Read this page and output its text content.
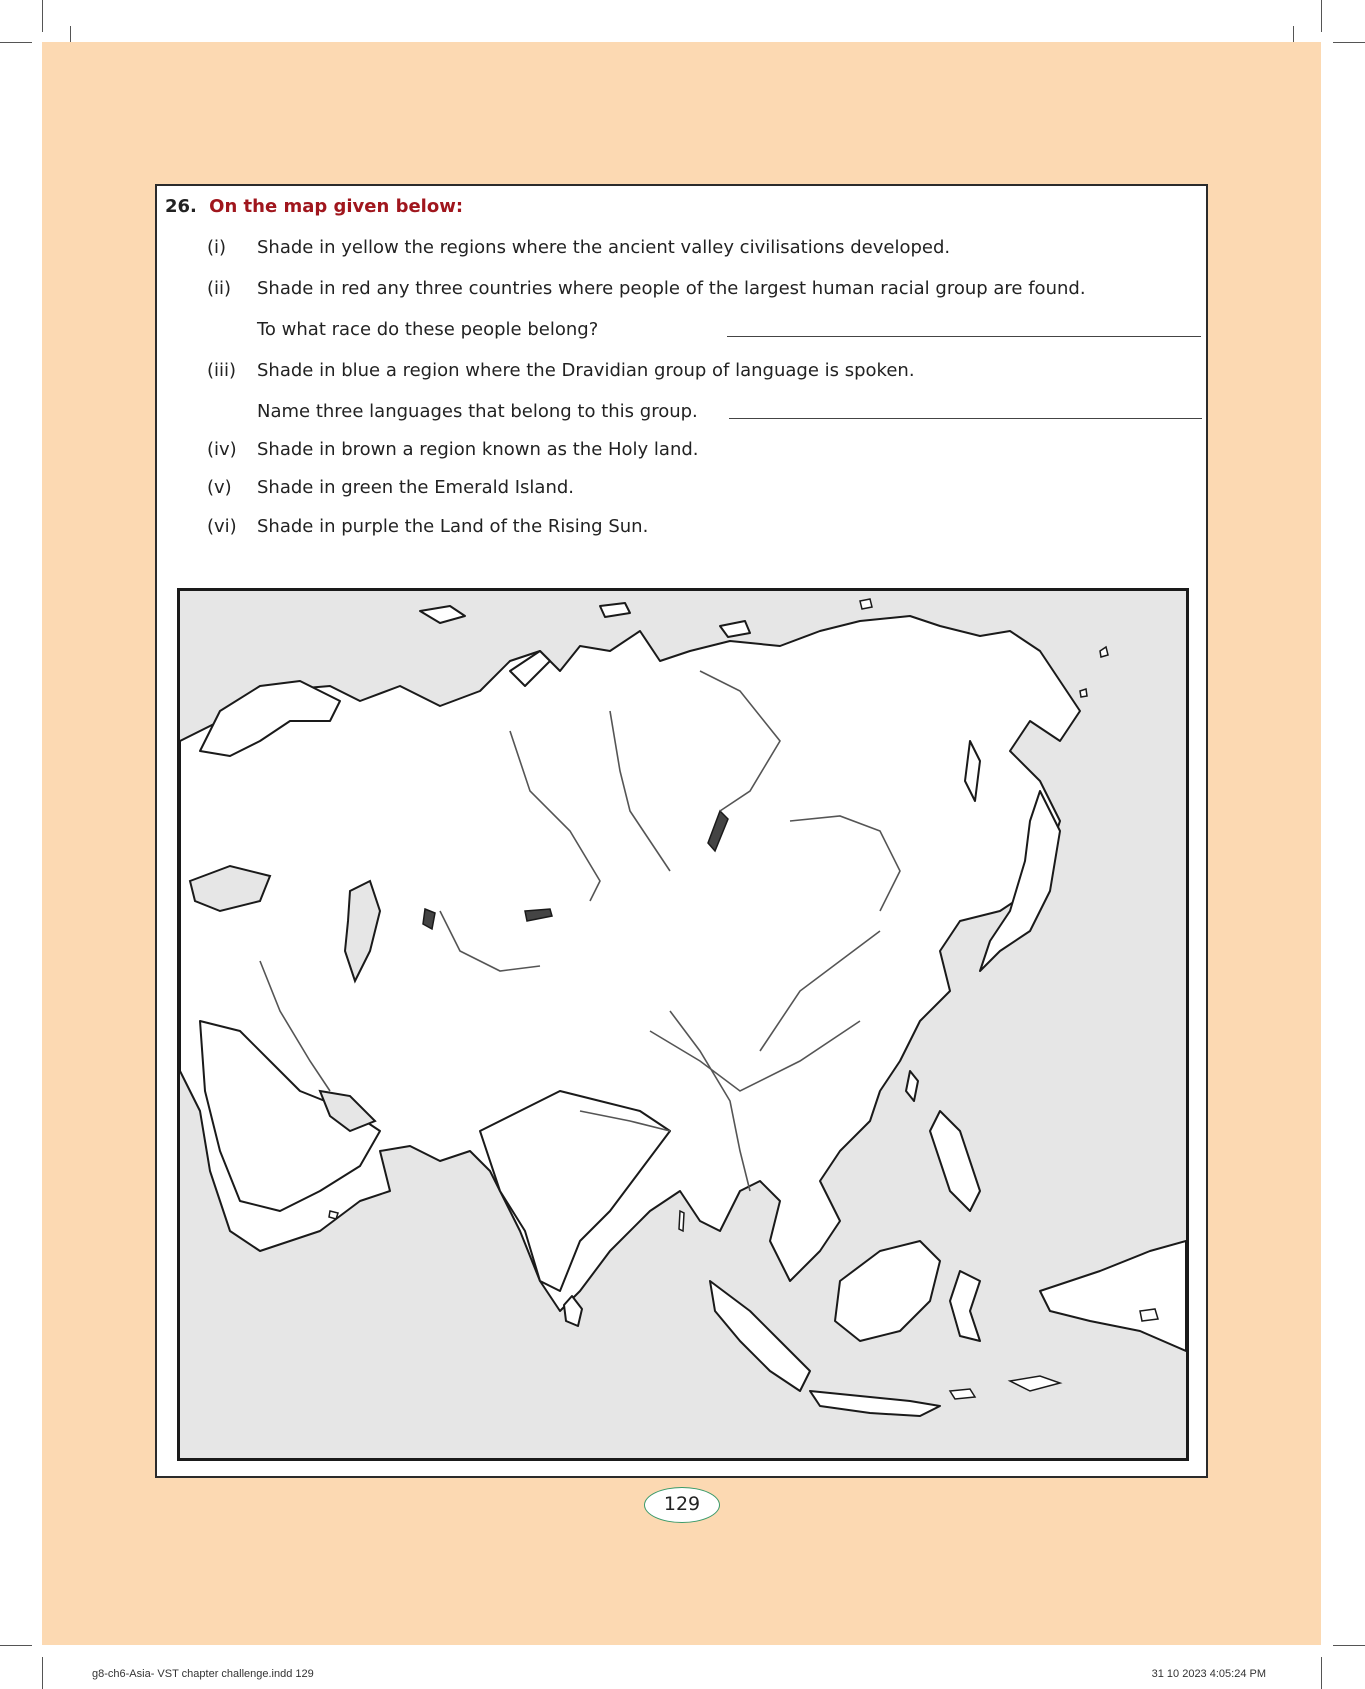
26. On the map given below:
(i) Shade in yellow the regions where the ancient valley civilisations developed.
(ii) Shade in red any three countries where people of the largest human racial group are found.
To what race do these people belong?
(iii) Shade in blue a region where the Dravidian group of language is spoken.
Name three languages that belong to this group.
(iv) Shade in brown a region known as the Holy land.
(v) Shade in green the Emerald Island.
(vi) Shade in purple the Land of the Rising Sun.
129
g8-ch6-Asia- VST chapter challenge.indd 129	31 10 2023 4:05:24 PM
